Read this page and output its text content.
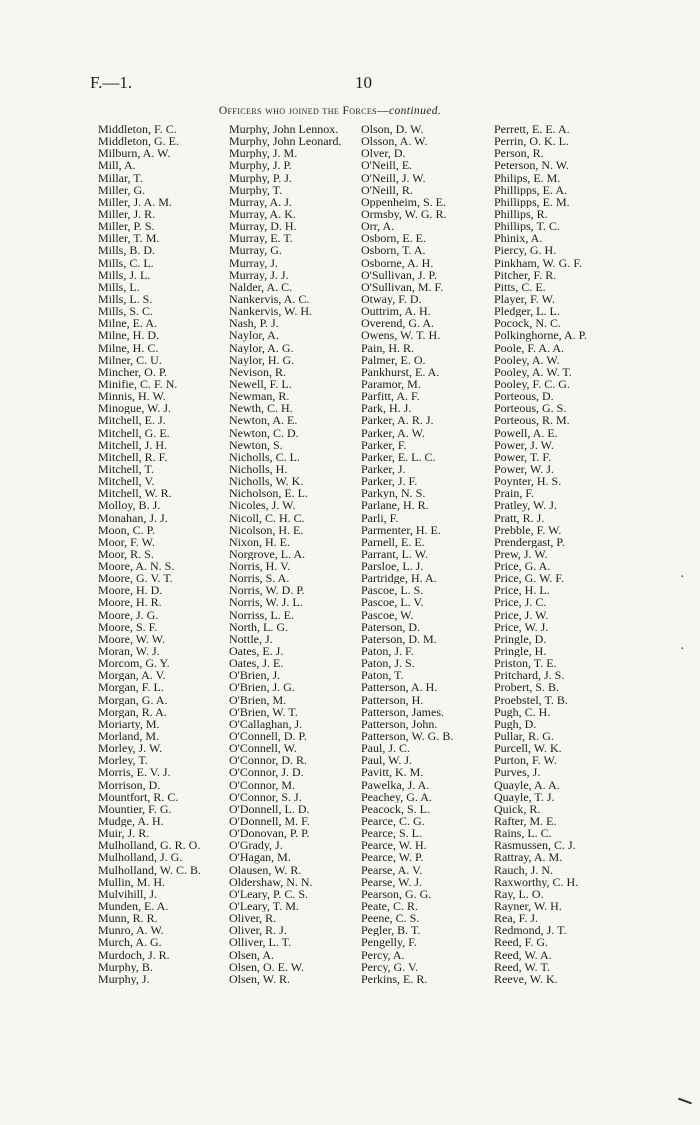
F.—1.	10
Officers who joined the Forces—continued.
Middleton, F. C.
Middleton, G. E.
Milburn, A. W.
Mill, A.
Millar, T.
Miller, G.
Miller, J. A. M.
Miller, J. R.
Miller, P. S.
Miller, T. M.
Mills, B. D.
Mills, C. L.
Mills, J. L.
Mills, L.
Mills, L. S.
Mills, S. C.
Milne, E. A.
Milne, H. D.
Milne, H. C.
Milner, C. U.
Mincher, O. P.
Minifie, C. F. N.
Minnis, H. W.
Minogue, W. J.
Mitchell, E. J.
Mitchell, G. E.
Mitchell, J. H.
Mitchell, R. F.
Mitchell, T.
Mitchell, V.
Mitchell, W. R.
Molloy, B. J.
Monahan, J. J.
Moon, C. P.
Moor, F. W.
Moor, R. S.
Moore, A. N. S.
Moore, G. V. T.
Moore, H. D.
Moore, H. R.
Moore, J. G.
Moore, S. F.
Moore, W. W.
Moran, W. J.
Morcom, G. Y.
Morgan, A. V.
Morgan, F. L.
Morgan, G. A.
Morgan, R. A.
Moriarty, M.
Morland, M.
Morley, J. W.
Morley, T.
Morris, E. V. J.
Morrison, D.
Mountfort, R. C.
Mountier, F. G.
Mudge, A. H.
Muir, J. R.
Mulholland, G. R. O.
Mulholland, J. G.
Mulholland, W. C. B.
Mullin, M. H.
Mulvihill, J.
Munden, E. A.
Munn, R. R.
Munro, A. W.
Murch, A. G.
Murdoch, J. R.
Murphy, B.
Murphy, J.
Murphy, John Lennox.
Murphy, John Leonard.
Murphy, J. M.
Murphy, J. P.
Murphy, P. J.
Murphy, T.
Murray, A. J.
Murray, A. K.
Murray, D. H.
Murray, E. T.
Murray, G.
Murray, J.
Murray, J. J.
Nalder, A. C.
Nankervis, A. C.
Nankervis, W. H.
Nash, P. J.
Naylor, A.
Naylor, A. G.
Naylor, H. G.
Nevison, R.
Newell, F. L.
Newman, R.
Newth, C. H.
Newton, A. E.
Newton, C. D.
Newton, S.
Nicholls, C. L.
Nicholls, H.
Nicholls, W. K.
Nicholson, E. L.
Nicoles, J. W.
Nicoll, C. H. C.
Nicolson, H. E.
Nixon, H. E.
Norgrove, L. A.
Norris, H. V.
Norris, S. A.
Norris, W. D. P.
Norris, W. J. L.
Norriss, L. E.
North, L. G.
Nottle, J.
Oates, E. J.
Oates, J. E.
O'Brien, J.
O'Brien, J. G.
O'Brien, M.
O'Brien, W. T.
O'Callaghan, J.
O'Connell, D. P.
O'Connell, W.
O'Connor, D. R.
O'Connor, J. D.
O'Connor, M.
O'Connor, S. J.
O'Donnell, L. D.
O'Donnell, M. F.
O'Donovan, P. P.
O'Grady, J.
O'Hagan, M.
Olausen, W. R.
Oldershaw, N. N.
O'Leary, P. C. S.
O'Leary, T. M.
Oliver, R.
Oliver, R. J.
Olliver, L. T.
Olsen, A.
Olsen, O. E. W.
Olsen, W. R.
Olson, D. W.
Olsson, A. W.
Olver, D.
O'Neill, E.
O'Neill, J. W.
O'Neill, R.
Oppenheim, S. E.
Ormsby, W. G. R.
Orr, A.
Osborn, E. E.
Osborn, T. A.
Osborne, A. H.
O'Sullivan, J. P.
O'Sullivan, M. F.
Otway, F. D.
Outtrim, A. H.
Overend, G. A.
Owens, W. T. H.
Pain, H. R.
Palmer, E. O.
Pankhurst, E. A.
Paramor, M.
Parfitt, A. F.
Park, H. J.
Parker, A. R. J.
Parker, A. W.
Parker, F.
Parker, E. L. C.
Parker, J.
Parker, J. F.
Parkyn, N. S.
Parlane, H. R.
Parli, F.
Parmenter, H. E.
Parnell, E. E.
Parrant, L. W.
Parsloe, L. J.
Partridge, H. A.
Pascoe, L. S.
Pascoe, L. V.
Pascoe, W.
Paterson, D.
Paterson, D. M.
Paton, J. F.
Paton, J. S.
Paton, T.
Patterson, A. H.
Patterson, H.
Patterson, James.
Patterson, John.
Patterson, W. G. B.
Paul, J. C.
Paul, W. J.
Pavitt, K. M.
Pawelka, J. A.
Peachey, G. A.
Peacock, S. L.
Pearce, C. G.
Pearce, S. L.
Pearce, W. H.
Pearce, W. P.
Pearse, A. V.
Pearse, W. J.
Pearson, G. G.
Peate, C. R.
Peene, C. S.
Pegler, B. T.
Pengelly, F.
Percy, A.
Percy, G. V.
Perkins, E. R.
Perrett, E. E. A.
Perrin, O. K. L.
Person, R.
Peterson, N. W.
Philips, E. M.
Phillipps, E. A.
Phillipps, E. M.
Phillips, R.
Phillips, T. C.
Phinix, A.
Piercy, G. H.
Pinkham, W. G. F.
Pitcher, F. R.
Pitts, C. E.
Player, F. W.
Pledger, L. L.
Pocock, N. C.
Polkinghorne, A. P.
Poole, F. A. A.
Pooley, A. W.
Pooley, A. W. T.
Pooley, F. C. G.
Porteous, D.
Porteous, G. S.
Porteous, R. M.
Powell, A. E.
Power, J. W.
Power, T. F.
Power, W. J.
Poynter, H. S.
Prain, F.
Pratley, W. J.
Pratt, R. J.
Prebble, F. W.
Prendergast, P.
Prew, J. W.
Price, G. A.
Price, G. W. F.
Price, H. L.
Price, J. C.
Price, J. W.
Price, W. J.
Pringle, D.
Pringle, H.
Priston, T. E.
Pritchard, J. S.
Probert, S. B.
Proebstel, T. B.
Pugh, C. H.
Pugh, D.
Pullar, R. G.
Purcell, W. K.
Purton, F. W.
Purves, J.
Quayle, A. A.
Quayle, T. J.
Quick, R.
Rafter, M. E.
Rains, L. C.
Rasmussen, C. J.
Rattray, A. M.
Rauch, J. N.
Raxworthy, C. H.
Ray, L. O.
Rayner, W. H.
Rea, F. J.
Redmond, J. T.
Reed, F. G.
Reed, W. A.
Reed, W. T.
Reeve, W. K.
·
·
